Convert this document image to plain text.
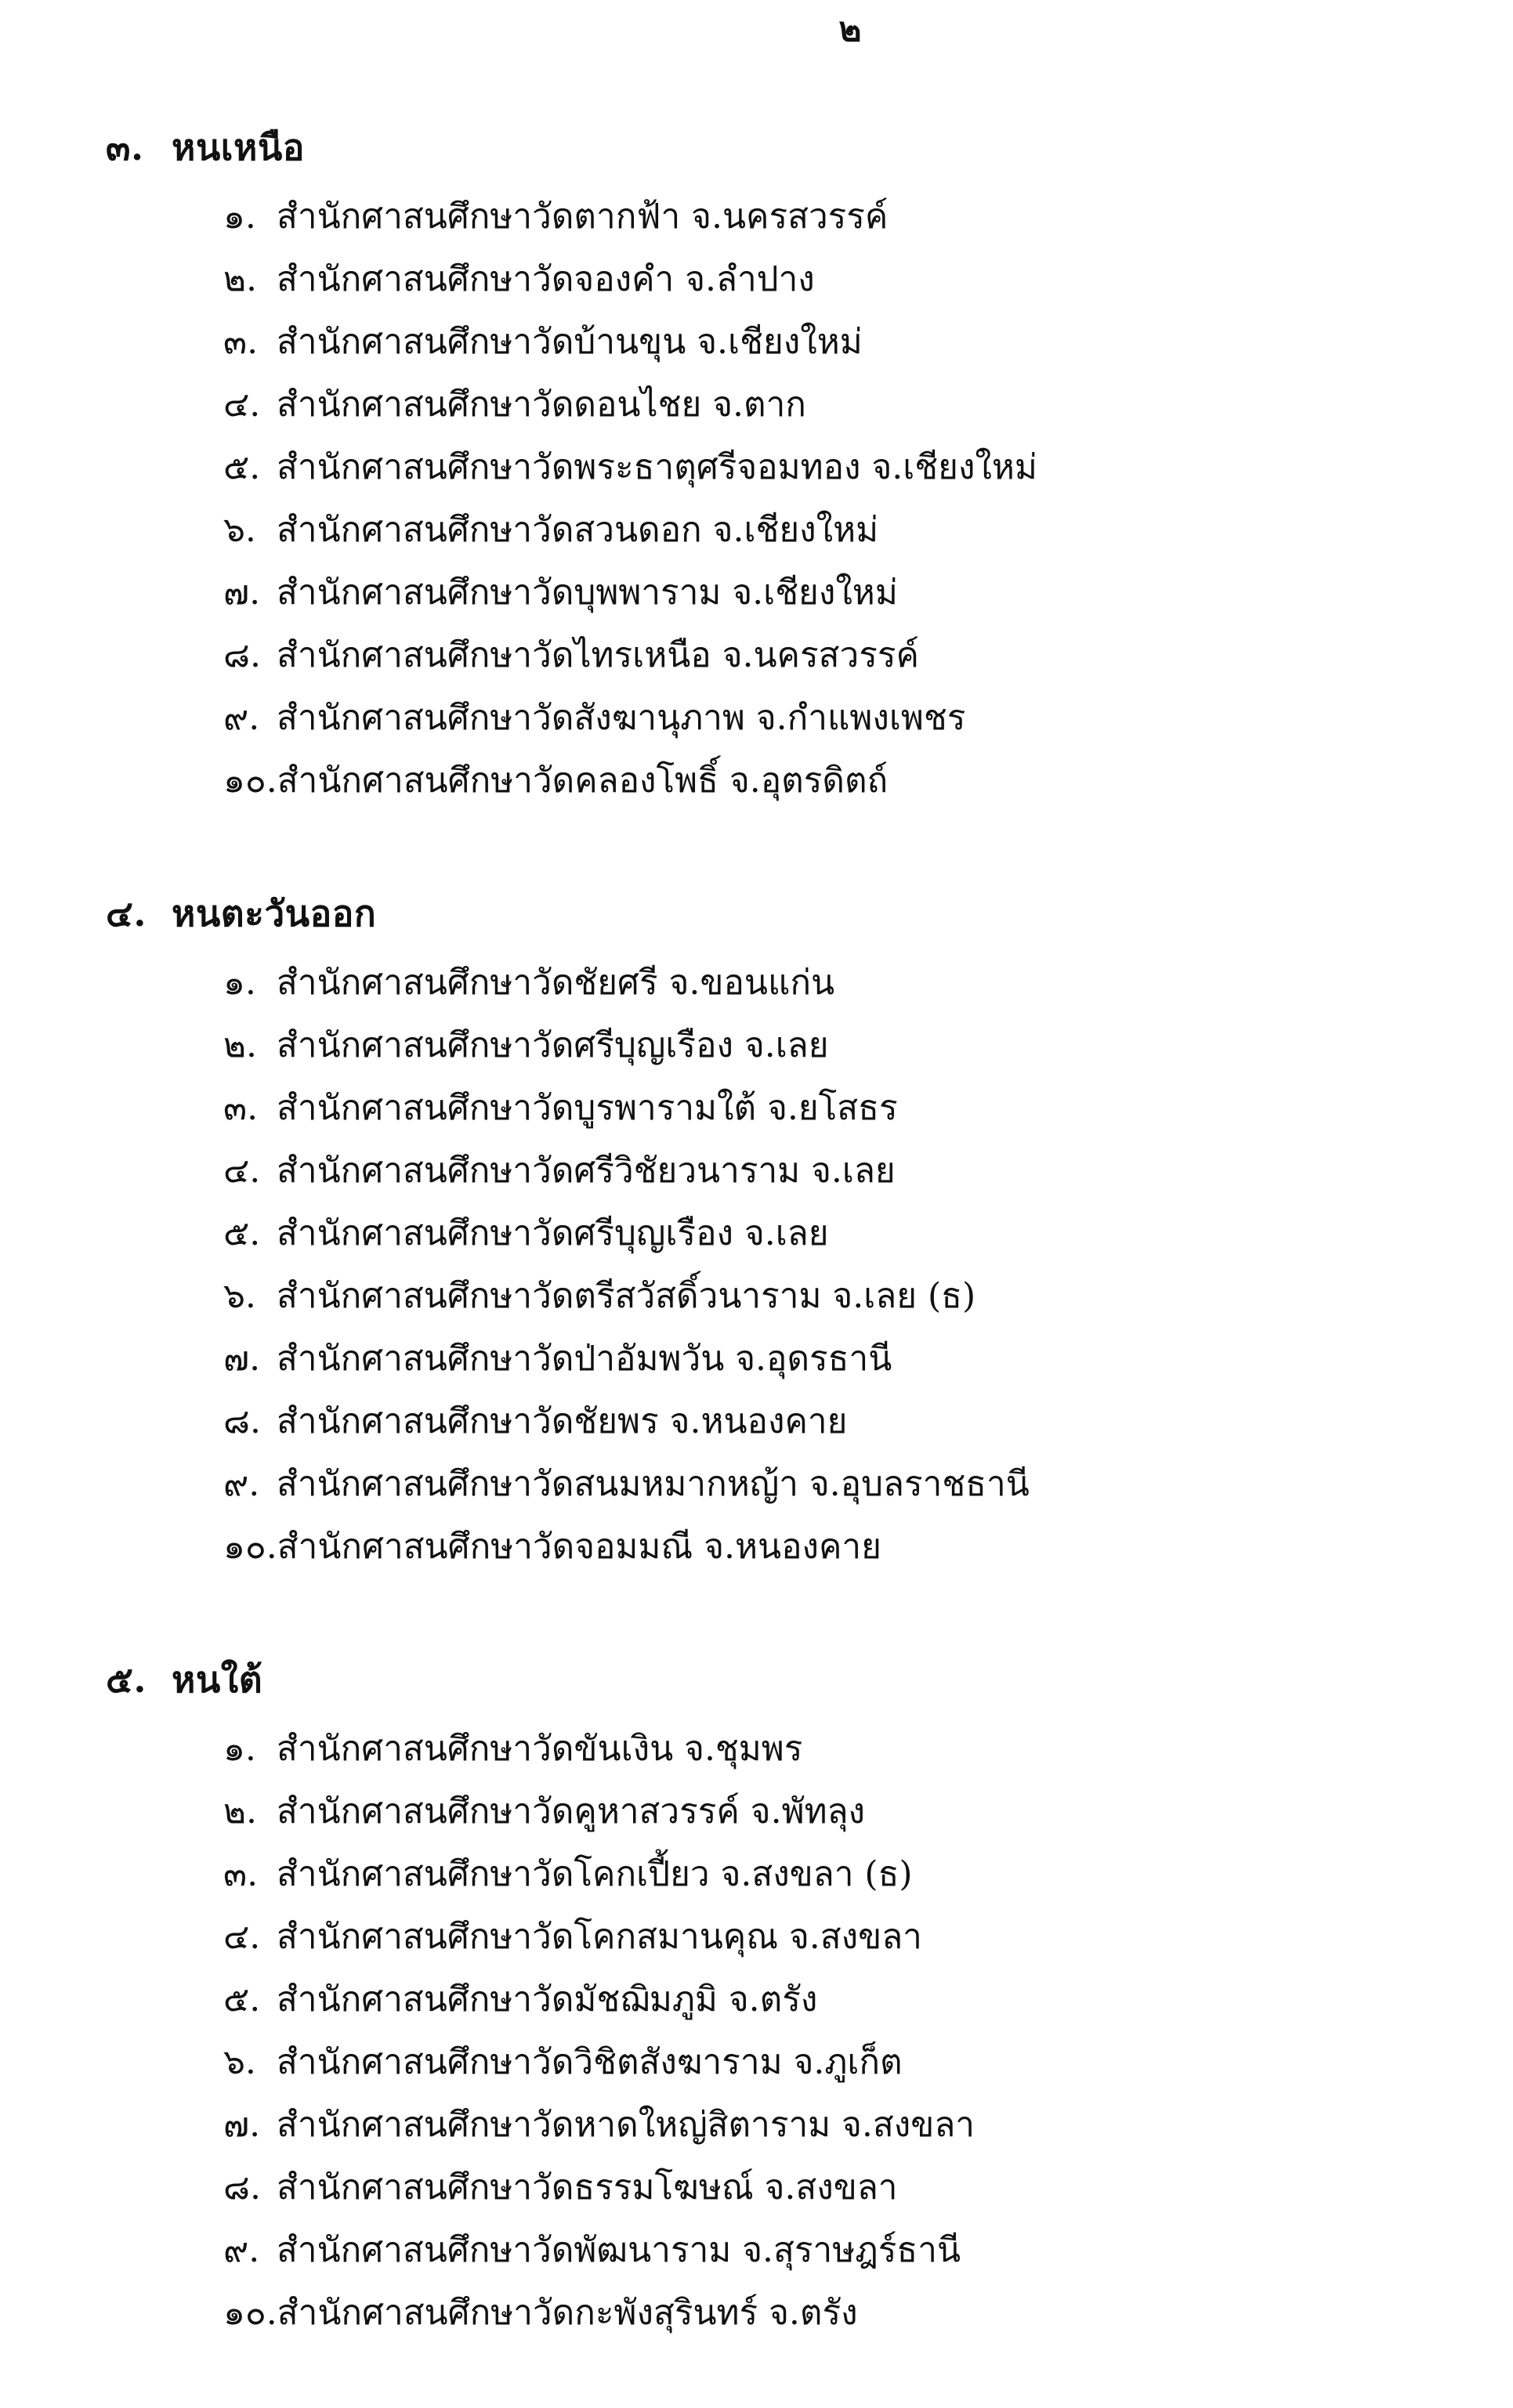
๒
๓. หนเหนือ
๑. สำนักศาสนศึกษาวัดตากฟ้า จ.นครสวรรค์
๒. สำนักศาสนศึกษาวัดจองคำ จ.ลำปาง
๓. สำนักศาสนศึกษาวัดบ้านขุน จ.เชียงใหม่
๔. สำนักศาสนศึกษาวัดดอนไชย จ.ตาก
๕. สำนักศาสนศึกษาวัดพระธาตุศรีจอมทอง จ.เชียงใหม่
๖. สำนักศาสนศึกษาวัดสวนดอก จ.เชียงใหม่
๗. สำนักศาสนศึกษาวัดบุพพาราม จ.เชียงใหม่
๘. สำนักศาสนศึกษาวัดไทรเหนือ จ.นครสวรรค์
๙. สำนักศาสนศึกษาวัดสังฆานุภาพ จ.กำแพงเพชร
๑๐. สำนักศาสนศึกษาวัดคลองโพธิ์ จ.อุตรดิตถ์
๔. หนตะวันออก
๑. สำนักศาสนศึกษาวัดชัยศรี จ.ขอนแก่น
๒. สำนักศาสนศึกษาวัดศรีบุญเรือง จ.เลย
๓. สำนักศาสนศึกษาวัดบูรพารามใต้ จ.ยโสธร
๔. สำนักศาสนศึกษาวัดศรีวิชัยวนาราม จ.เลย
๕. สำนักศาสนศึกษาวัดศรีบุญเรือง จ.เลย
๖. สำนักศาสนศึกษาวัดตรีสวัสดิ์วนาราม จ.เลย (ธ)
๗. สำนักศาสนศึกษาวัดป่าอัมพวัน จ.อุดรธานี
๘. สำนักศาสนศึกษาวัดชัยพร จ.หนองคาย
๙. สำนักศาสนศึกษาวัดสนมหมากหญ้า จ.อุบลราชธานี
๑๐. สำนักศาสนศึกษาวัดจอมมณี จ.หนองคาย
๕. หนใต้
๑. สำนักศาสนศึกษาวัดขันเงิน จ.ชุมพร
๒. สำนักศาสนศึกษาวัดคูหาสวรรค์ จ.พัทลุง
๓. สำนักศาสนศึกษาวัดโคกเปี้ยว จ.สงขลา (ธ)
๔. สำนักศาสนศึกษาวัดโคกสมานคุณ จ.สงขลา
๕. สำนักศาสนศึกษาวัดมัชฌิมภูมิ จ.ตรัง
๖. สำนักศาสนศึกษาวัดวิชิตสังฆาราม จ.ภูเก็ต
๗. สำนักศาสนศึกษาวัดหาดใหญ่สิตาราม จ.สงขลา
๘. สำนักศาสนศึกษาวัดธรรมโฆษณ์ จ.สงขลา
๙. สำนักศาสนศึกษาวัดพัฒนาราม จ.สุราษฎร์ธานี
๑๐. สำนักศาสนศึกษาวัดกะพังสุรินทร์ จ.ตรัง
